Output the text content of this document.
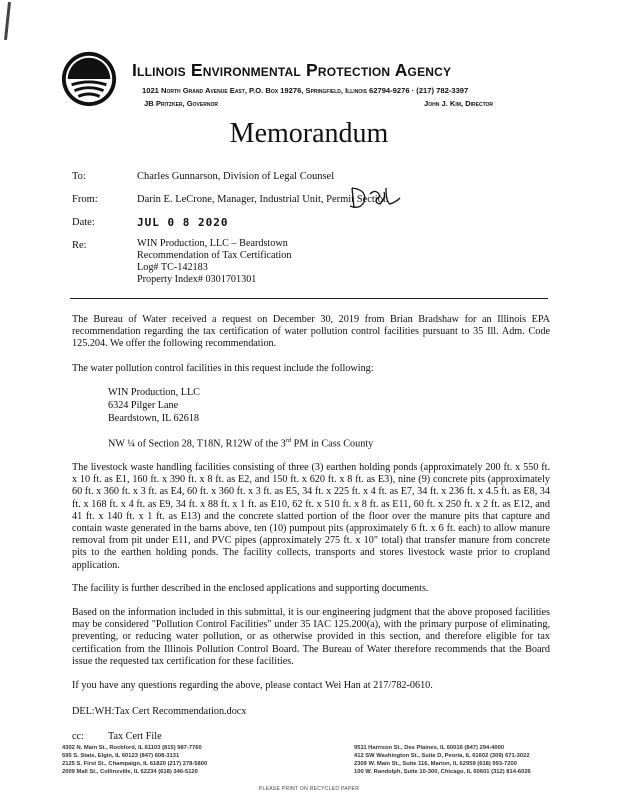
Illinois Environmental Protection Agency
1021 North Grand Avenue East, P.O. Box 19276, Springfield, Illinois 62794-9276 · (217) 782-3397
JB Pritzker, Governor	John J. Kim, Director
Memorandum
To:	Charles Gunnarson, Division of Legal Counsel
From:	Darin E. LeCrone, Manager, Industrial Unit, Permit Section
DEL
Date:	JUL 0 8 2020
Re:	WIN Production, LLC – Beardstown
Recommendation of Tax Certification
Log# TC-142183
Property Index# 0301701301
The Bureau of Water received a request on December 30, 2019 from Brian Bradshaw for an Illinois EPA recommendation regarding the tax certification of water pollution control facilities pursuant to 35 Ill. Adm. Code 125.204. We offer the following recommendation.
The water pollution control facilities in this request include the following:
WIN Production, LLC
6324 Pilger Lane
Beardstown, IL 62618
NW ¼ of Section 28, T18N, R12W of the 3rd PM in Cass County
The livestock waste handling facilities consisting of three (3) earthen holding ponds (approximately 200 ft. x 550 ft. x 10 ft. as E1, 160 ft. x 390 ft. x 8 ft. as E2, and 150 ft. x 620 ft. x 8 ft. as E3), nine (9) concrete pits (approximately 60 ft. x 360 ft. x 3 ft. as E4, 60 ft. x 360 ft. x 3 ft. as E5, 34 ft. x 225 ft. x 4 ft. as E7, 34 ft. x 236 ft. x 4.5 ft. as E8, 34 ft. x 168 ft. x 4 ft. as E9, 34 ft. x 88 ft. x 1 ft. as E10, 62 ft. x 510 ft. x 8 ft. as E11, 60 ft. x 250 ft. x 2 ft. as E12, and 41 ft. x 140 ft. x 1 ft. as E13) and the concrete slatted portion of the floor over the manure pits that capture and contain waste generated in the barns above, ten (10) pumpout pits (approximately 6 ft. x 6 ft. each) to allow manure removal from pit under E11, and PVC pipes (approximately 275 ft. x 10" total) that transfer manure from concrete pits to the earthen holding ponds. The facility collects, transports and stores livestock waste prior to cropland application.
The facility is further described in the enclosed applications and supporting documents.
Based on the information included in this submittal, it is our engineering judgment that the above proposed facilities may be considered "Pollution Control Facilities" under 35 IAC 125.200(a), with the primary purpose of eliminating, preventing, or reducing water pollution, or as otherwise provided in this section, and therefore eligible for tax certification from the Illinois Pollution Control Board. The Bureau of Water therefore recommends that the Board issue the requested tax certification for these facilities.
If you have any questions regarding the above, please contact Wei Han at 217/782-0610.
DEL:WH:Tax Cert Recommendation.docx
cc: Tax Cert File
4302 N. Main St., Rockford, IL 61103 (815) 987-7760
595 S. State, Elgin, IL 60123 (847) 608-3131
2125 S. First St., Champaign, IL 61820 (217) 278-5800
2009 Mall St., Collinsville, IL 62234 (618) 346-5120
9511 Harrison St., Des Plaines, IL 60016 (847) 294-4000
412 SW Washington St., Suite D, Peoria, IL 61602 (309) 671-3022
2309 W. Main St., Suite 116, Marion, IL 62959 (618) 993-7200
100 W. Randolph, Suite 10-300, Chicago, IL 60601 (312) 814-6026
PLEASE PRINT ON RECYCLED PAPER
